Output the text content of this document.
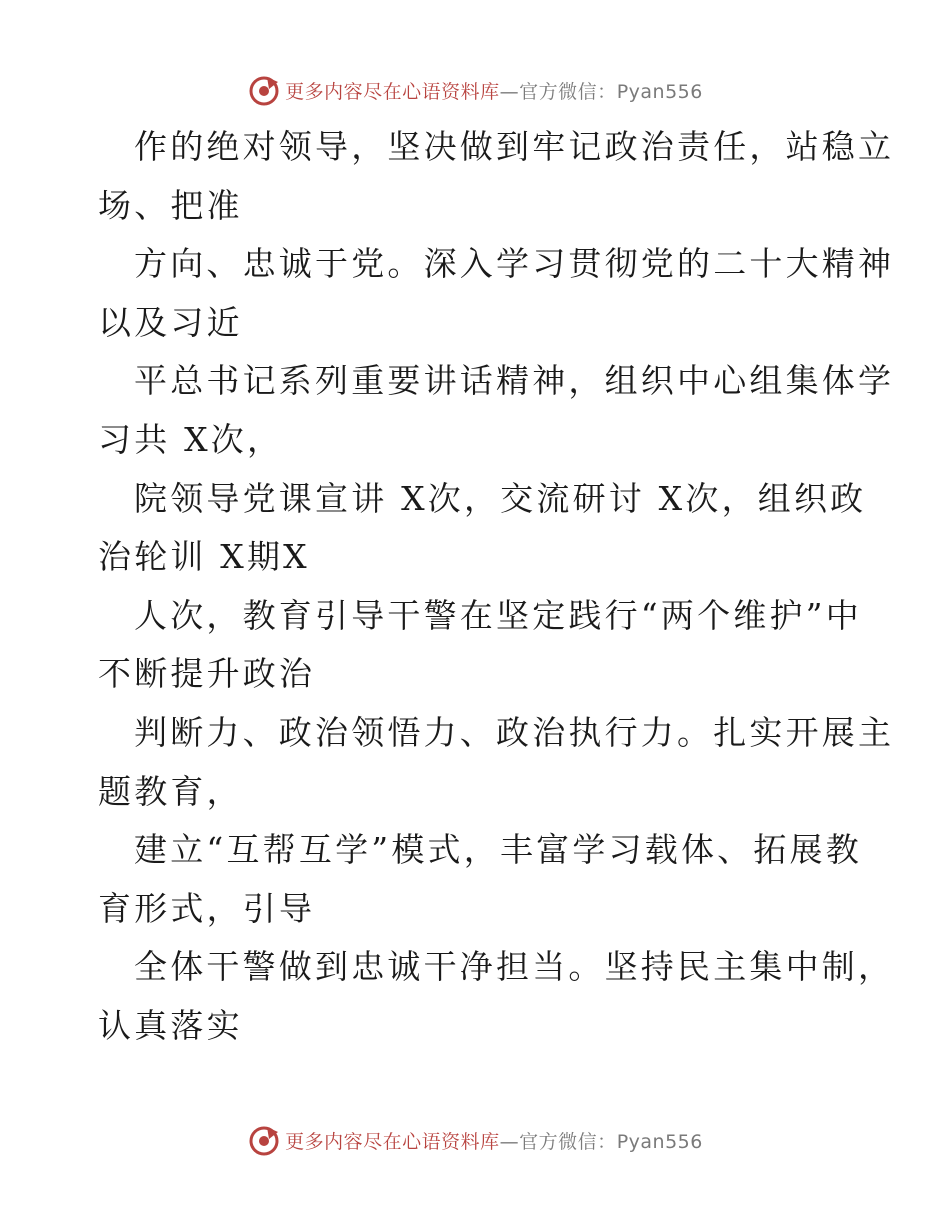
更多内容尽在心语资料库—官方微信：Pyan556
作的绝对领导，坚决做到牢记政治责任，站稳立
场、把准
方向、忠诚于党。深入学习贯彻党的二十大精神
以及习近
平总书记系列重要讲话精神，组织中心组集体学
习共 X次，
院领导党课宣讲 X次，交流研讨 X次，组织政
治轮训 X期X
人次，教育引导干警在坚定践行“两个维护”中
不断提升政治
判断力、政治领悟力、政治执行力。扎实开展主
题教育，
建立“互帮互学”模式，丰富学习载体、拓展教
育形式，引导
全体干警做到忠诚干净担当。坚持民主集中制，
认真落实
更多内容尽在心语资料库—官方微信：Pyan556
